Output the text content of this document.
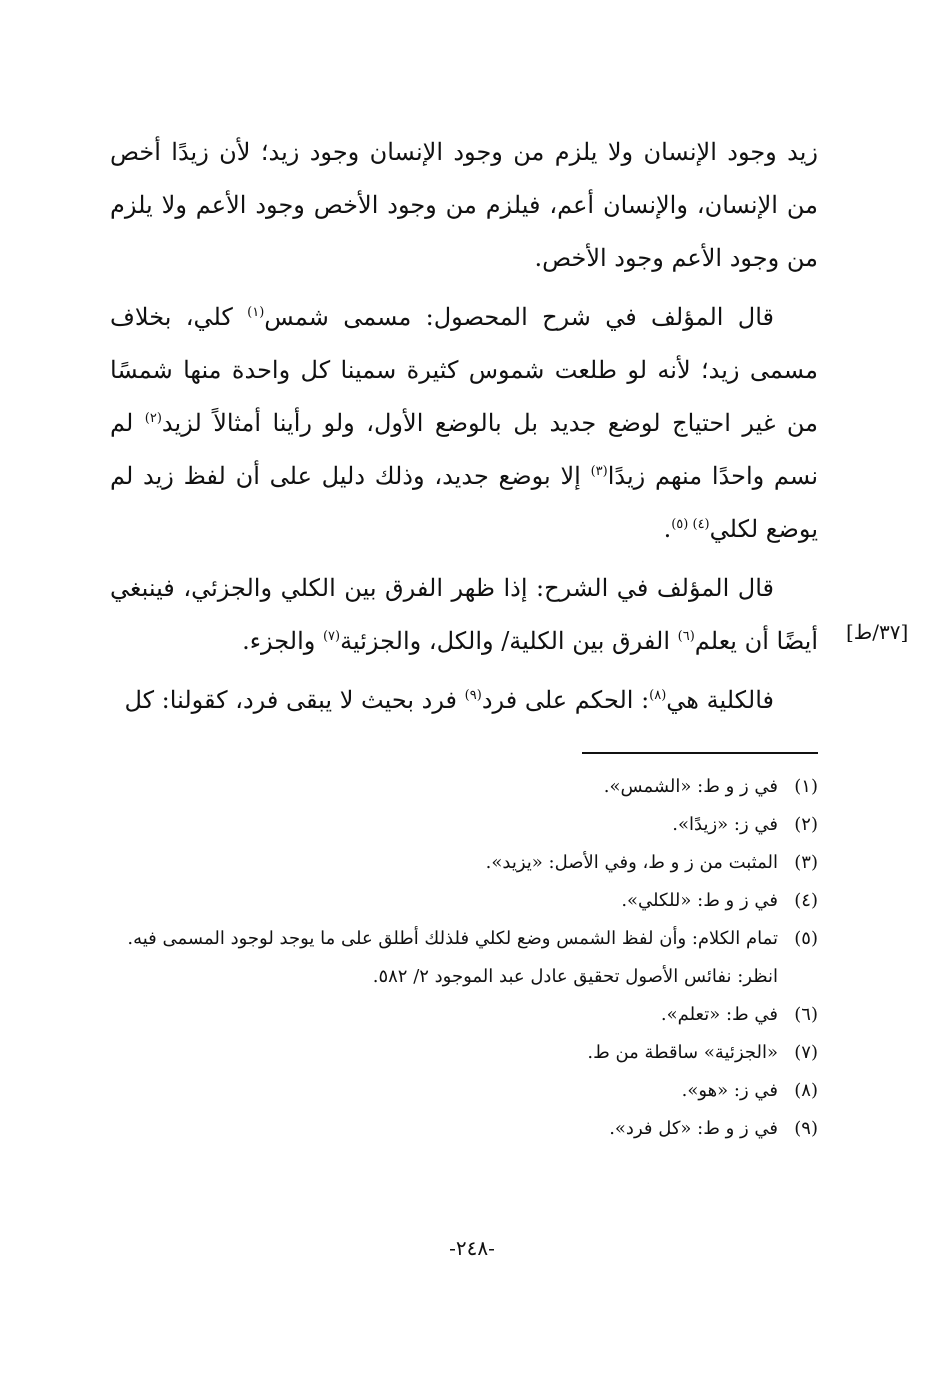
زيد وجود الإنسان ولا يلزم من وجود الإنسان وجود زيد؛ لأن زيدًا أخص من الإنسان، والإنسان أعم، فيلزم من وجود الأخص وجود الأعم ولا يلزم من وجود الأعم وجود الأخص.

قال المؤلف في شرح المحصول: مسمى شمس$^{(١)}$ كلي، بخلاف مسمى زيد؛ لأنه لو طلعت شموس كثيرة سمينا كل واحدة منها شمسًا من غير احتياج لوضع جديد بل بالوضع الأول، ولو رأينا أمثالاً لزيد$^{(٢)}$ لم نسم واحدًا منهم زيدًا$^{(٣)}$ إلا بوضع جديد، وذلك دليل على أن لفظ زيد لم يوضع لكلي$^{(٤) (٥)}$.

قال المؤلف في الشرح: إذا ظهر الفرق بين الكلي والجزئي، فينبغي أيضًا أن يعلم$^{(٦)}$ الفرق بين الكلية/ والكل، والجزئية$^{(٧)}$ والجزء.

فالكلية هي$^{(٨)}$: الحكم على فرد$^{(٩)}$ فرد بحيث لا يبقى فرد، كقولنا: كل

[٣٧/ط]
(١)
في ز و ط: «الشمس».
(٢)
في ز: «زيدًا».
(٣)
المثبت من ز و ط، وفي الأصل: «يزيد».
(٤)
في ز و ط: «للكلي».
(٥)
تمام الكلام: وأن لفظ الشمس وضع لكلي فلذلك أطلق على ما يوجد لوجود المسمى فيه.
انظر: نفائس الأصول تحقيق عادل عبد الموجود ٢/ ٥٨٢.
(٦)
في ط: «تعلم».
(٧)
«الجزئية» ساقطة من ط.
(٨)
في ز: «هو».
(٩)
في ز و ط: «كل فرد».
-٢٤٨-
